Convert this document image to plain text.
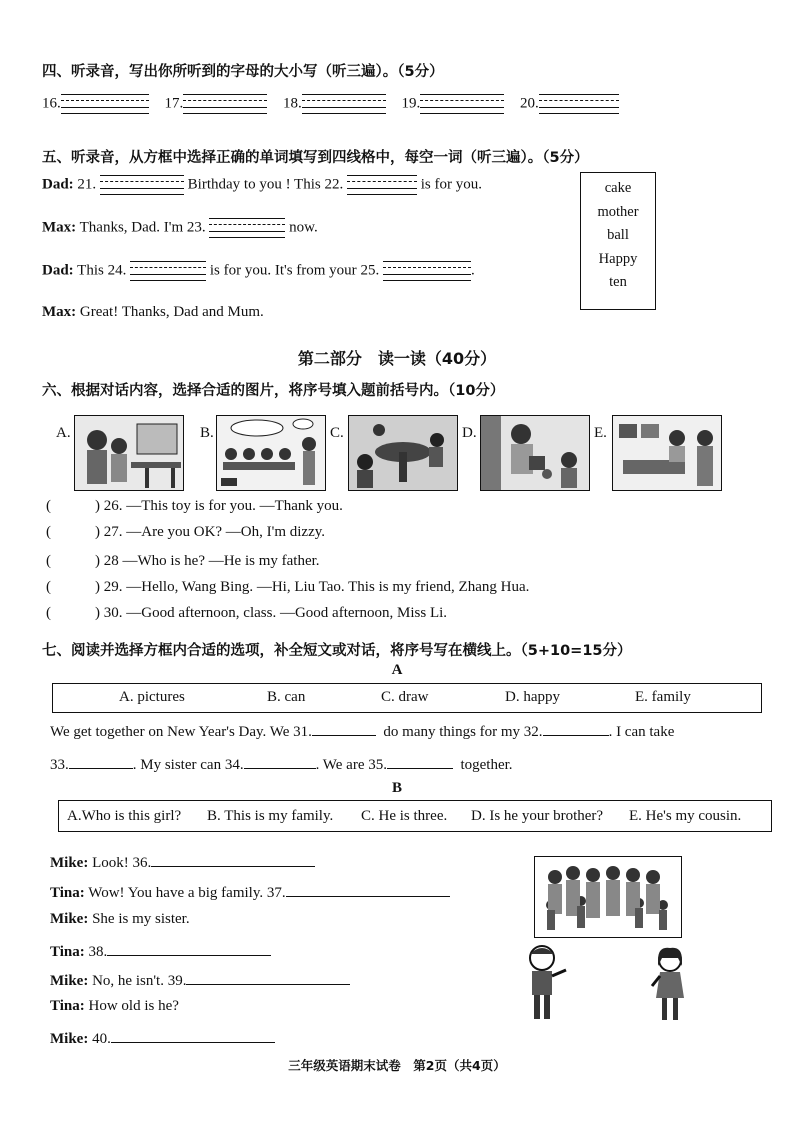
四、听录音，写出你所听到的字母的大小写（听三遍）。（5分）
16.	17.	18.	19.	20.
五、听录音，从方框中选择正确的单词填写到四线格中，每空一词（听三遍）。（5分）
Dad: 21.	Birthday to you ! This 22.	is for you.
Max: Thanks, Dad. I'm 23.	now.
Dad: This 24.	is for you. It's from your 25.	.
Max: Great! Thanks, Dad and Mum.
cake
mother
ball
Happy
ten
第二部分　读一读（40分）
六、根据对话内容，选择合适的图片，将序号填入题前括号内。（10分）
A.	B.	C.	D.	E.
(	) 26. —This toy is for you. —Thank you.
(	) 27. —Are you OK? —Oh, I'm dizzy.
(	) 28 —Who is he? —He is my father.
(	) 29. —Hello, Wang Bing. —Hi, Liu Tao. This is my friend, Zhang Hua.
(	) 30. —Good afternoon, class. —Good afternoon, Miss Li.
七、阅读并选择方框内合适的选项，补全短文或对话，将序号写在横线上。（5+10=15分）
A
A. pictures	B. can	C. draw	D. happy	E. family
We get together on New Year's Day. We 31.	do many things for my 32.	. I can take
33.	. My sister can 34.	. We are 35.	together.
B
A.Who is this girl? B. This is my family. C. He is three. D. Is he your brother? E. He's my cousin.
Mike: Look! 36.
Tina: Wow! You have a big family. 37.
Mike: She is my sister.
Tina: 38.
Mike: No, he isn't. 39.
Tina: How old is he?
Mike: 40.
三年级英语期末试卷　第2页（共4页）
